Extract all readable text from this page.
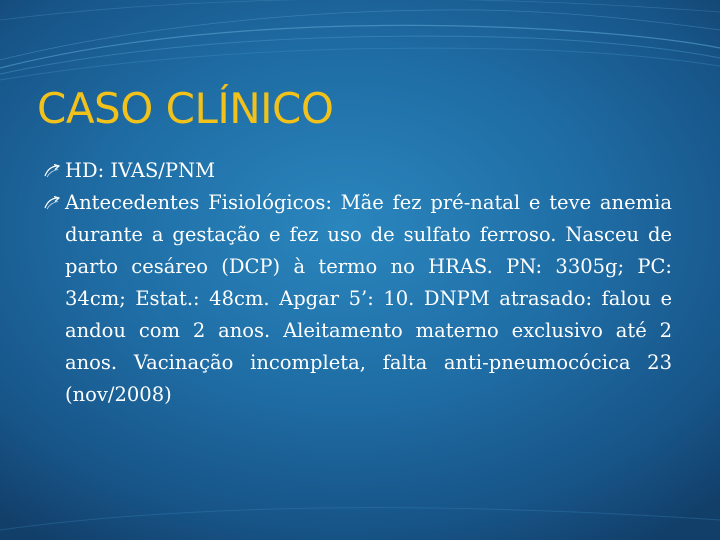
CASO CLÍNICO

HD: IVAS/PNM

Antecedentes Fisiológicos: Mãe fez pré-natal e teve anemia durante a gestação e fez uso de sulfato ferroso. Nasceu de parto cesáreo (DCP) à termo no HRAS. PN: 3305g; PC: 34cm; Estat.: 48cm. Apgar 5’: 10. DNPM atrasado: falou e andou com 2 anos. Aleitamento materno exclusivo até 2 anos. Vacinação incompleta, falta anti-pneumocócica 23 (nov/2008)
